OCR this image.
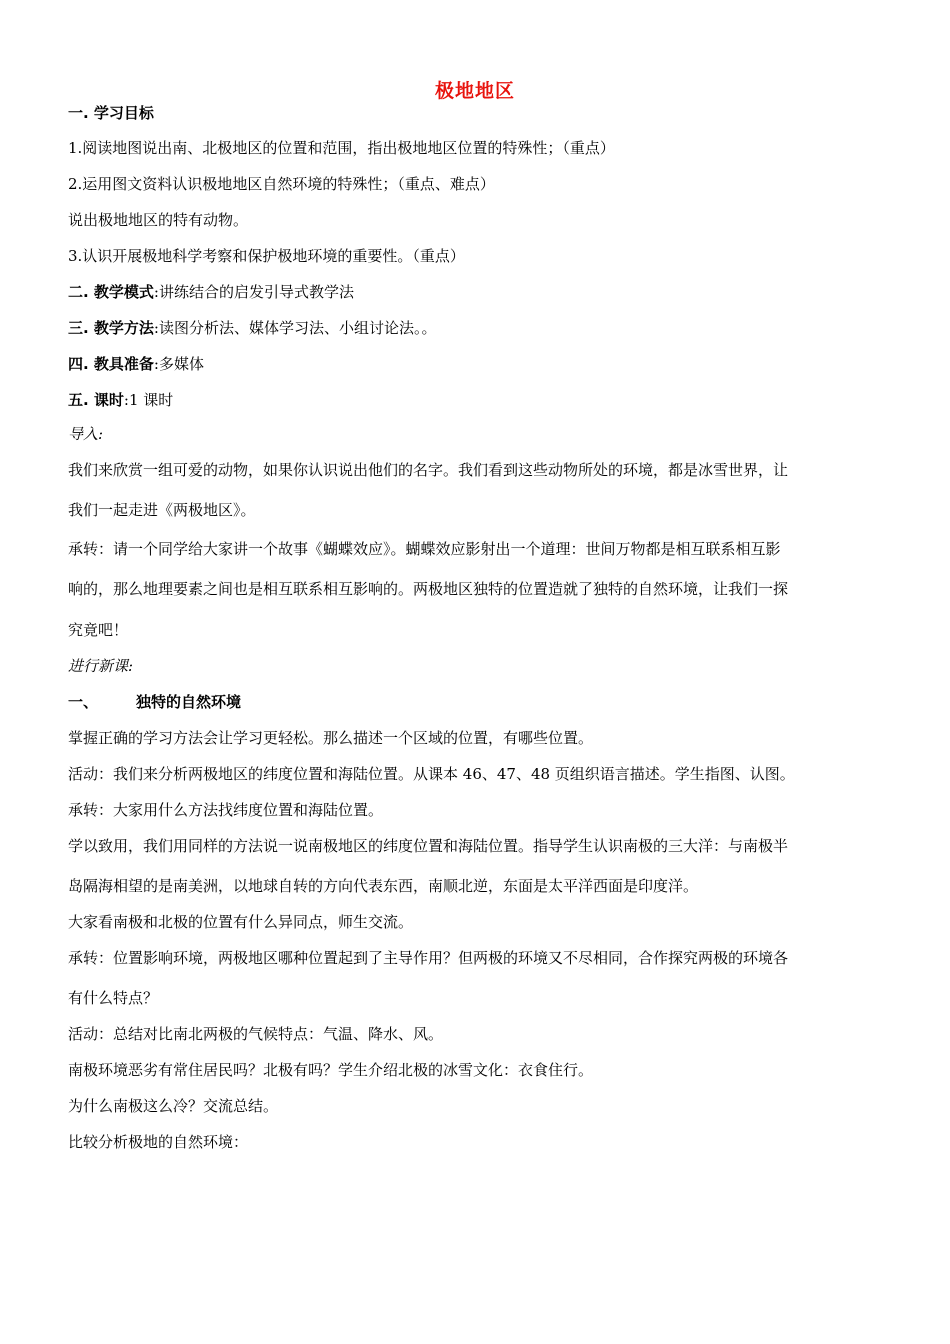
极地地区
一. 学习目标
1.阅读地图说出南、北极地区的位置和范围，指出极地地区位置的特殊性；（重点）
2.运用图文资料认识极地地区自然环境的特殊性；（重点、难点）
说出极地地区的特有动物。
3.认识开展极地科学考察和保护极地环境的重要性。（重点）
二. 教学模式:讲练结合的启发引导式教学法
三. 教学方法:读图分析法、媒体学习法、小组讨论法。。
四. 教具准备:多媒体
五. 课时:1 课时
导入:
我们来欣赏一组可爱的动物，如果你认识说出他们的名字。我们看到这些动物所处的环境，都是冰雪世界，让
我们一起走进《两极地区》。
承转：请一个同学给大家讲一个故事《蝴蝶效应》。蝴蝶效应影射出一个道理：世间万物都是相互联系相互影
响的，那么地理要素之间也是相互联系相互影响的。两极地区独特的位置造就了独特的自然环境，让我们一探
究竟吧！
进行新课:
一、	独特的自然环境
掌握正确的学习方法会让学习更轻松。那么描述一个区域的位置，有哪些位置。
活动：我们来分析两极地区的纬度位置和海陆位置。从课本 46、47、48 页组织语言描述。学生指图、认图。
承转：大家用什么方法找纬度位置和海陆位置。
学以致用，我们用同样的方法说一说南极地区的纬度位置和海陆位置。指导学生认识南极的三大洋：与南极半
岛隔海相望的是南美洲，以地球自转的方向代表东西，南顺北逆，东面是太平洋西面是印度洋。
大家看南极和北极的位置有什么异同点，师生交流。
承转：位置影响环境，两极地区哪种位置起到了主导作用？但两极的环境又不尽相同，合作探究两极的环境各
有什么特点？
活动：总结对比南北两极的气候特点：气温、降水、风。
南极环境恶劣有常住居民吗？北极有吗？学生介绍北极的冰雪文化：衣食住行。
为什么南极这么冷？交流总结。
比较分析极地的自然环境：
